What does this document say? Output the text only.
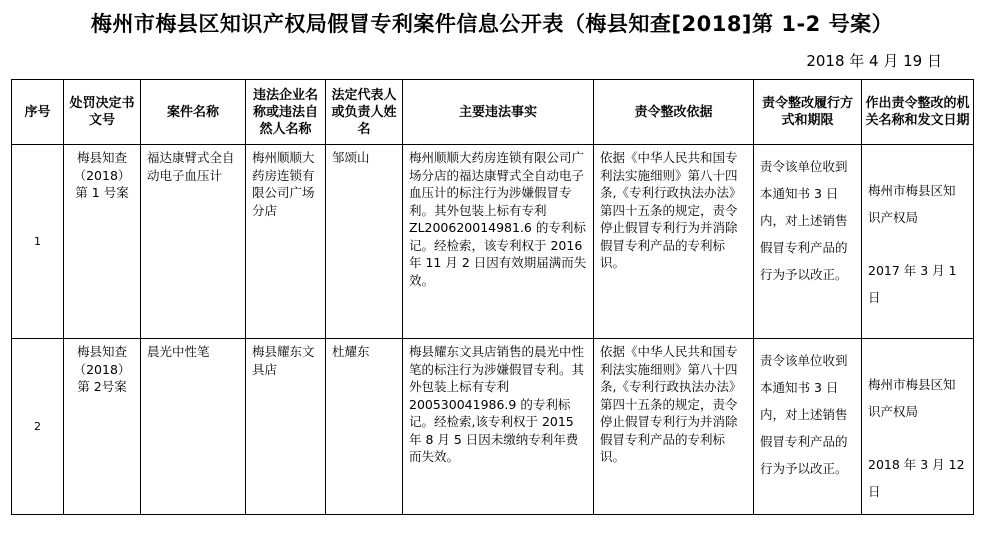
梅州市梅县区知识产权局假冒专利案件信息公开表（梅县知查[2018]第 1-2 号案）
2018 年 4 月 19 日
序号	处罚决定书文号	案件名称	违法企业名称或违法自然人名称	法定代表人或负责人姓名	主要违法事实	责令整改依据	责令整改履行方式和期限	作出责令整改的机关名称和发文日期
1	梅县知查（2018）第 1 号案	福达康臂式全自动电子血压计	梅州顺顺大药房连锁有限公司广场分店	邹颂山	梅州顺顺大药房连锁有限公司广场分店的福达康臂式全自动电子血压计的标注行为涉嫌假冒专利。其外包装上标有专利 ZL200620014981.6 的专利标记。经检索，该专利权于 2016 年 11 月 2 日因有效期届满而失效。	依据《中华人民共和国专利法实施细则》第八十四条,《专利行政执法办法》第四十五条的规定，责令停止假冒专利行为并消除假冒专利产品的专利标识。	责令该单位收到本通知书 3 日内，对上述销售假冒专利产品的行为予以改正。	梅州市梅县区知识产权局
2017 年 3 月 1 日

2	梅县知查（2018）第 2号案	晨光中性笔	梅县耀东文具店	杜耀东	梅县耀东文具店销售的晨光中性笔的标注行为涉嫌假冒专利。其外包装上标有专利 200530041986.9 的专利标记。经检索,该专利权于 2015 年 8 月 5 日因未缴纳专利年费而失效。	依据《中华人民共和国专利法实施细则》第八十四条,《专利行政执法办法》第四十五条的规定，责令停止假冒专利行为并消除假冒专利产品的专利标识。	责令该单位收到本通知书 3 日内，对上述销售假冒专利产品的行为予以改正。	梅州市梅县区知识产权局
2018 年 3 月 12 日
